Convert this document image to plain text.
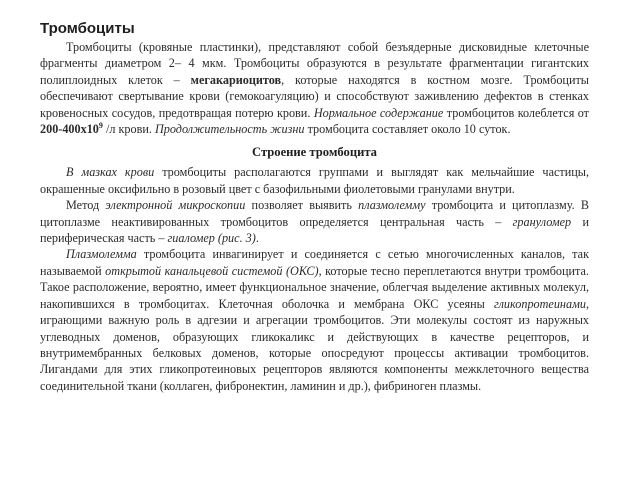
Тромбоциты

Тромбоциты (кровяные пластинки), представляют собой безъядерные дисковидные клеточные фрагменты диаметром 2– 4 мкм. Тромбоциты образуются в результате фрагментации гигантских полиплоидных клеток – мегакариоцитов, которые находятся в костном мозге. Тромбоциты обеспечивают свертывание крови (гемокоагуляцию) и способствуют заживлению дефектов в стенках кровеносных сосудов, предотвращая потерю крови. Нормальное содержание тромбоцитов колеблется от $200-400х10^9$ /л крови. Продолжительность жизни тромбоцита составляет около 10 суток.

Строение тромбоцита

В мазках крови тромбоциты располагаются группами и выглядят как мельчайшие частицы, окрашенные оксифильно в розовый цвет с базофильными фиолетовыми гранулами внутри.

Метод электронной микроскопии позволяет выявить плазмолемму тромбоцита и цитоплазму. В цитоплазме неактивированных тромбоцитов определяется центральная часть – грануломер и периферическая часть – гиаломер (рис. 3).

Плазмолемма тромбоцита инвагинирует и соединяется с сетью многочисленных каналов, так называемой открытой канальцевой системой (ОКС), которые тесно переплетаются внутри тромбоцита. Такое расположение, вероятно, имеет функциональное значение, облегчая выделение активных молекул, накопившихся в тромбоцитах. Клеточная оболочка и мембрана ОКС усеяны гликопротеинами, играющими важную роль в адгезии и агрегации тромбоцитов. Эти молекулы состоят из наружных углеводных доменов, образующих гликокаликс и действующих в качестве рецепторов, и внутримембранных белковых доменов, которые опосредуют процессы активации тромбоцитов. Лигандами для этих гликопротеиновых рецепторов являются компоненты межклеточного вещества соединительной ткани (коллаген, фибронектин, ламинин и др.), фибриноген плазмы.
